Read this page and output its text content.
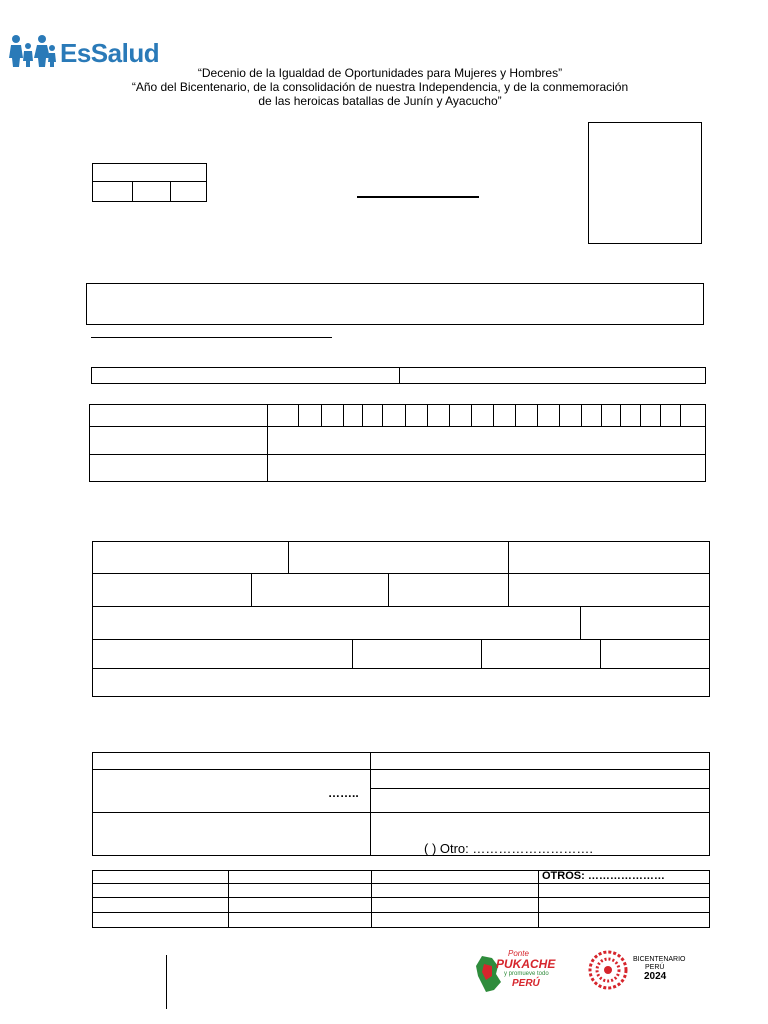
EsSalud
“Decenio de la Igualdad de Oportunidades para Mujeres y Hombres”
“Año del Bicentenario, de la consolidación de nuestra Independencia, y de la conmemoración
de las heroicas batallas de Junín y Ayacucho”
……..
( ) Otro: ……………………….
OTROS: …………………
Ponte
PUKACHE
y promueve todo
PERÚ
BICENTENARIO
PERÚ
2024
